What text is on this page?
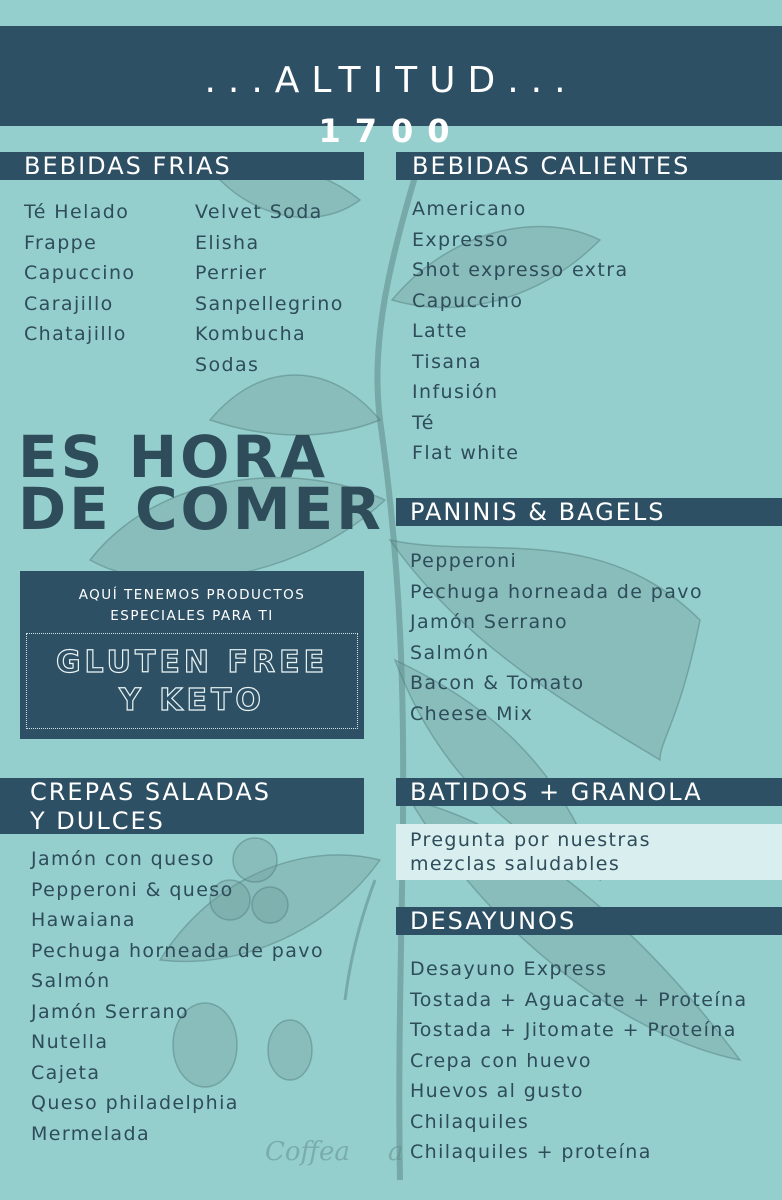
Coffea a
...ALTITUD...
1700
BEBIDAS FRIAS
Té Helado
Frappe
Capuccino
Carajillo
Chatajillo
Velvet Soda
Elisha
Perrier
Sanpellegrino
Kombucha
Sodas
BEBIDAS CALIENTES
Americano
Expresso
Shot expresso extra
Capuccino
Latte
Tisana
Infusión
Té
Flat white
ES HORA
DE COMER
AQUÍ TENEMOS PRODUCTOS
ESPECIALES PARA TI
GLUTEN FREE
Y KETO
PANINIS & BAGELS
Pepperoni
Pechuga horneada de pavo
Jamón Serrano
Salmón
Bacon & Tomato
Cheese Mix
CREPAS SALADAS
Y DULCES
Jamón con queso
Pepperoni & queso
Hawaiana
Pechuga horneada de pavo
Salmón
Jamón Serrano
Nutella
Cajeta
Queso philadelphia
Mermelada
BATIDOS + GRANOLA
Pregunta por nuestras
mezclas saludables
DESAYUNOS
Desayuno Express
Tostada + Aguacate + Proteína
Tostada + Jitomate + Proteína
Crepa con huevo
Huevos al gusto
Chilaquiles
Chilaquiles + proteína
